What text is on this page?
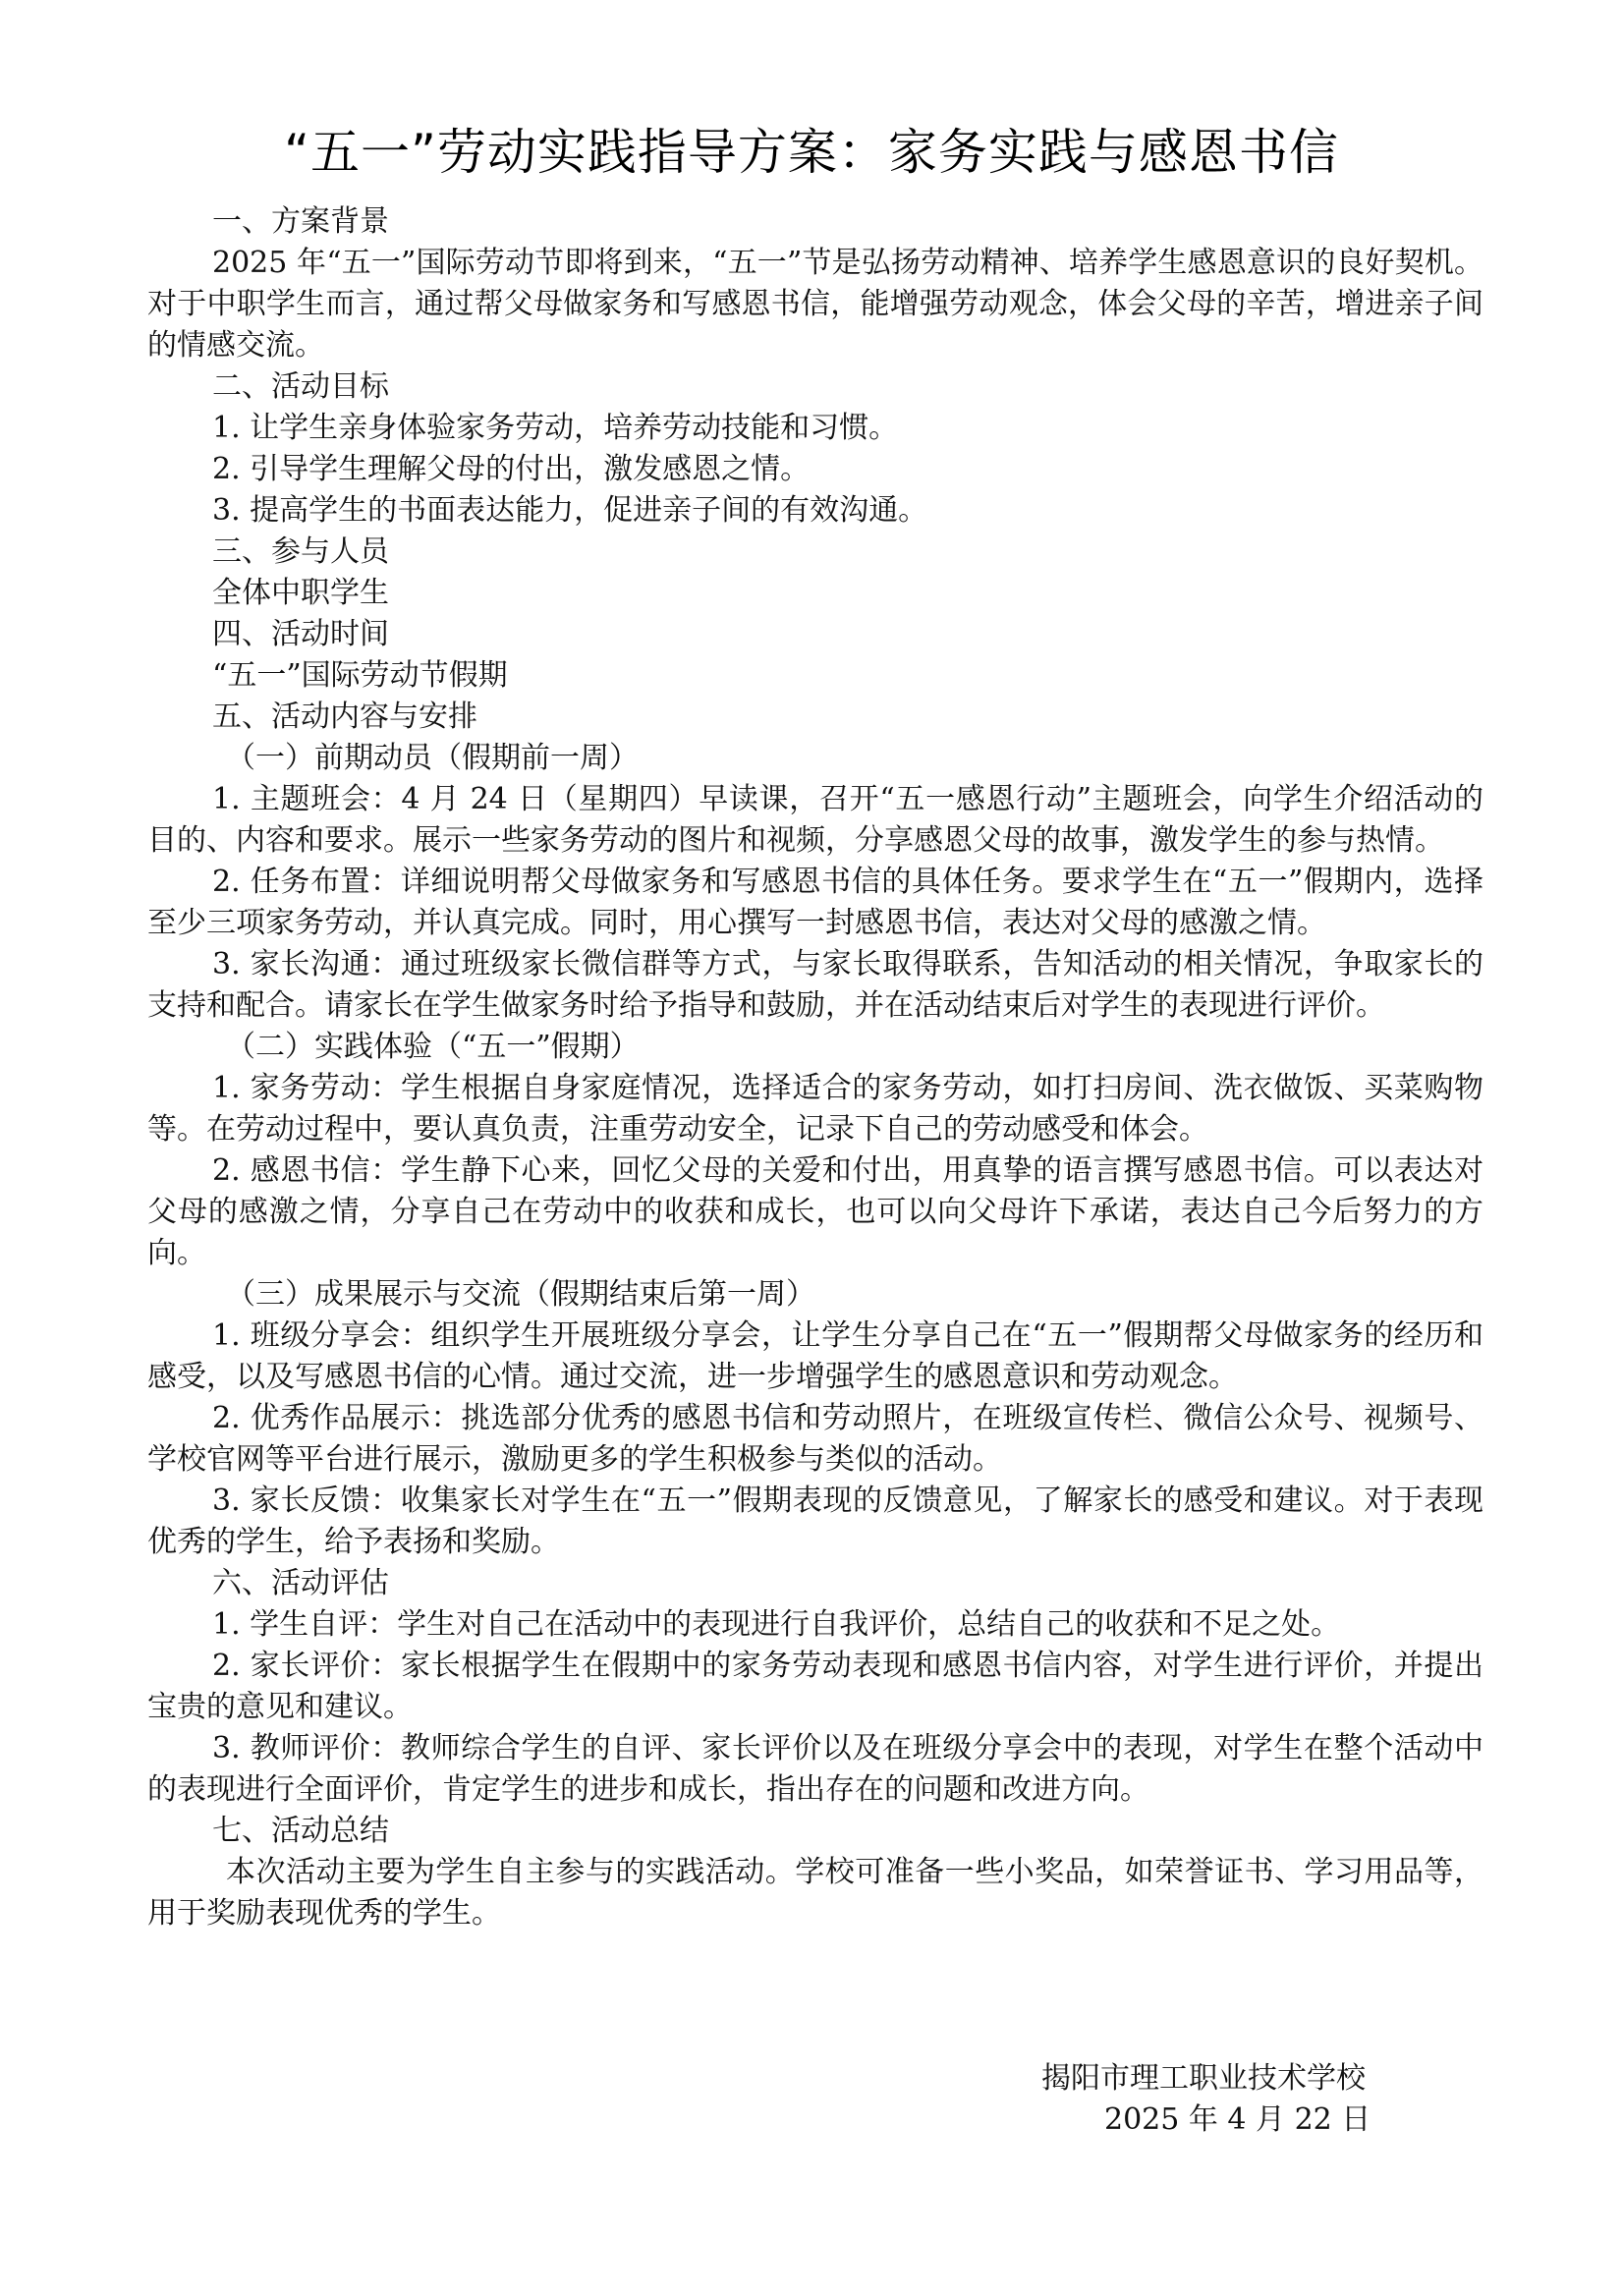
“五一”劳动实践指导方案：家务实践与感恩书信

一、方案背景

2025 年“五一”国际劳动节即将到来，“五一”节是弘扬劳动精神、培养学生感恩意识的良好契机。对于中职学生而言，通过帮父母做家务和写感恩书信，能增强劳动观念，体会父母的辛苦，增进亲子间的情感交流。

二、活动目标

1. 让学生亲身体验家务劳动，培养劳动技能和习惯。

2. 引导学生理解父母的付出，激发感恩之情。

3. 提高学生的书面表达能力，促进亲子间的有效沟通。

三、参与人员

全体中职学生

四、活动时间

“五一”国际劳动节假期

五、活动内容与安排

（一）前期动员（假期前一周）

1. 主题班会：4 月 24 日（星期四）早读课，召开“五一感恩行动”主题班会，向学生介绍活动的目的、内容和要求。展示一些家务劳动的图片和视频，分享感恩父母的故事，激发学生的参与热情。

2. 任务布置：详细说明帮父母做家务和写感恩书信的具体任务。要求学生在“五一”假期内，选择至少三项家务劳动，并认真完成。同时，用心撰写一封感恩书信，表达对父母的感激之情。

3. 家长沟通：通过班级家长微信群等方式，与家长取得联系，告知活动的相关情况，争取家长的支持和配合。请家长在学生做家务时给予指导和鼓励，并在活动结束后对学生的表现进行评价。

（二）实践体验（“五一”假期）

1. 家务劳动：学生根据自身家庭情况，选择适合的家务劳动，如打扫房间、洗衣做饭、买菜购物等。在劳动过程中，要认真负责，注重劳动安全，记录下自己的劳动感受和体会。

2. 感恩书信：学生静下心来，回忆父母的关爱和付出，用真挚的语言撰写感恩书信。可以表达对父母的感激之情，分享自己在劳动中的收获和成长，也可以向父母许下承诺，表达自己今后努力的方向。

（三）成果展示与交流（假期结束后第一周）

1. 班级分享会：组织学生开展班级分享会，让学生分享自己在“五一”假期帮父母做家务的经历和感受，以及写感恩书信的心情。通过交流，进一步增强学生的感恩意识和劳动观念。

2. 优秀作品展示：挑选部分优秀的感恩书信和劳动照片，在班级宣传栏、微信公众号、视频号、学校官网等平台进行展示，激励更多的学生积极参与类似的活动。

3. 家长反馈：收集家长对学生在“五一”假期表现的反馈意见，了解家长的感受和建议。对于表现优秀的学生，给予表扬和奖励。

六、活动评估

1. 学生自评：学生对自己在活动中的表现进行自我评价，总结自己的收获和不足之处。

2. 家长评价：家长根据学生在假期中的家务劳动表现和感恩书信内容，对学生进行评价，并提出宝贵的意见和建议。

3. 教师评价：教师综合学生的自评、家长评价以及在班级分享会中的表现，对学生在整个活动中的表现进行全面评价，肯定学生的进步和成长，指出存在的问题和改进方向。

七、活动总结

本次活动主要为学生自主参与的实践活动。学校可准备一些小奖品，如荣誉证书、学习用品等，用于奖励表现优秀的学生。

揭阳市理工职业技术学校
2025 年 4 月 22 日
